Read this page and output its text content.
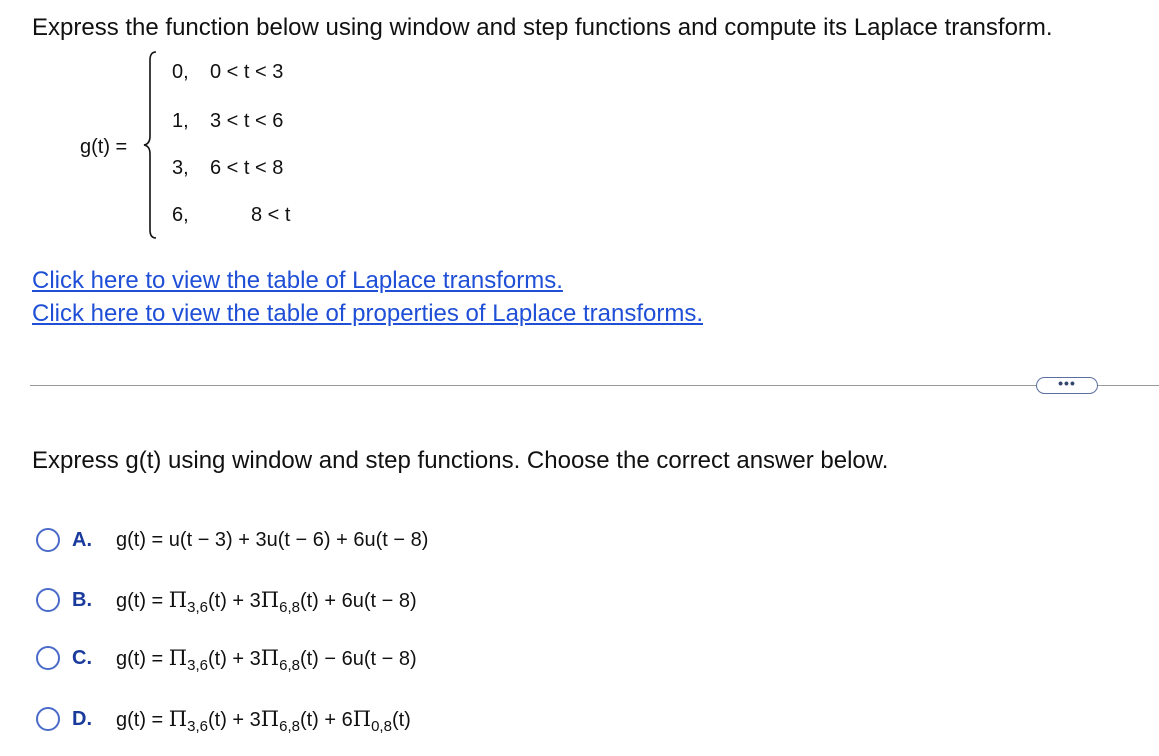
Express the function below using window and step functions and compute its Laplace transform.
g(t) =
0, 0 < t < 3
1, 3 < t < 6
3, 6 < t < 8
6,	8 < t
Click here to view the table of Laplace transforms.
Click here to view the table of properties of Laplace transforms.
•••
Express g(t) using window and step functions. Choose the correct answer below.
A.	g(t) = u(t − 3) + 3u(t − 6) + 6u(t − 8)
B.	$g(t) = \Pi_{3,6}(t) + 3\Pi_{6,8}(t) + 6u(t - 8)$
C.	$g(t) = \Pi_{3,6}(t) + 3\Pi_{6,8}(t) - 6u(t - 8)$
D.	$g(t) = \Pi_{3,6}(t) + 3\Pi_{6,8}(t) + 6\Pi_{0,8}(t)$
